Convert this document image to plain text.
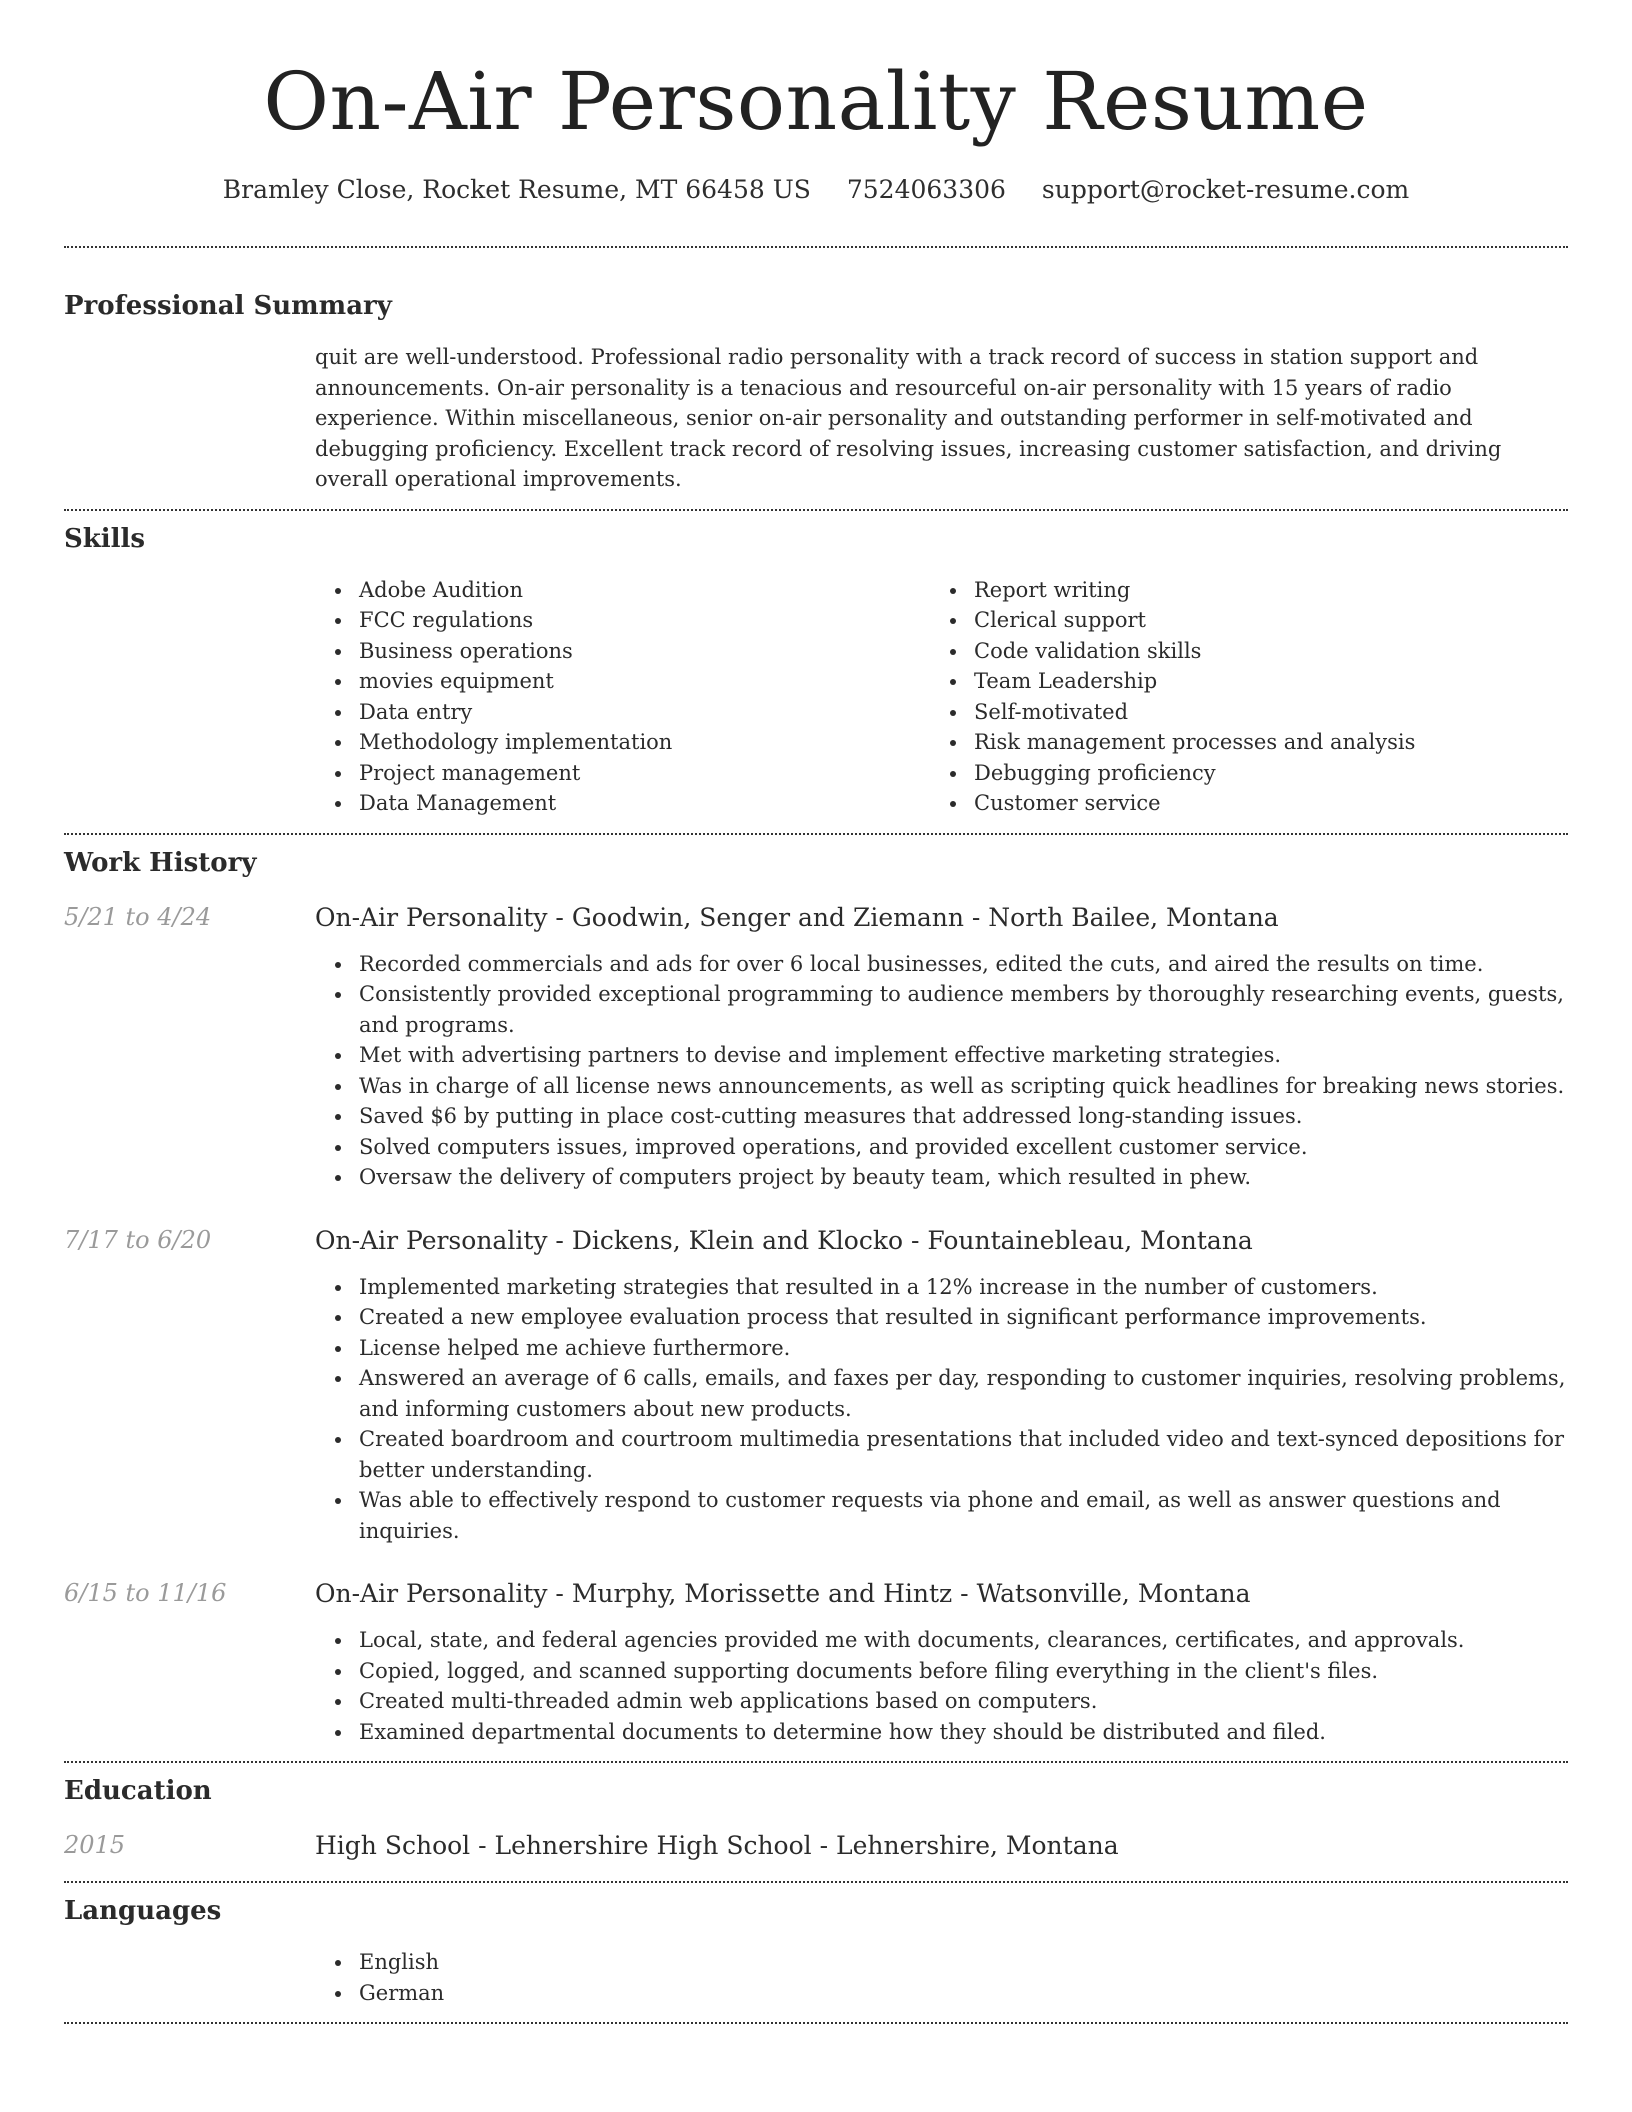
On-Air Personality Resume
Bramley Close, Rocket Resume, MT 66458 US 7524063306 support@rocket-resume.com
Professional Summary

quit are well-understood. Professional radio personality with a track record of success in station support and announcements. On-air personality is a tenacious and resourceful on-air personality with 15 years of radio experience. Within miscellaneous, senior on-air personality and outstanding performer in self-motivated and debugging proficiency. Excellent track record of resolving issues, increasing customer satisfaction, and driving overall operational improvements.

Skills
Adobe Audition
FCC regulations
Business operations
movies equipment
Data entry
Methodology implementation
Project management
Data Management
Report writing
Clerical support
Code validation skills
Team Leadership
Self-motivated
Risk management processes and analysis
Debugging proficiency
Customer service
Work History
5/21 to 4/24	On-Air Personality - Goodwin, Senger and Ziemann - North Bailee, Montana
Recorded commercials and ads for over 6 local businesses, edited the cuts, and aired the results on time.
Consistently provided exceptional programming to audience members by thoroughly researching events, guests, and programs.
Met with advertising partners to devise and implement effective marketing strategies.
Was in charge of all license news announcements, as well as scripting quick headlines for breaking news stories.
Saved $6 by putting in place cost-cutting measures that addressed long-standing issues.
Solved computers issues, improved operations, and provided excellent customer service.
Oversaw the delivery of computers project by beauty team, which resulted in phew.
7/17 to 6/20	On-Air Personality - Dickens, Klein and Klocko - Fountainebleau, Montana
Implemented marketing strategies that resulted in a 12% increase in the number of customers.
Created a new employee evaluation process that resulted in significant performance improvements.
License helped me achieve furthermore.
Answered an average of 6 calls, emails, and faxes per day, responding to customer inquiries, resolving problems, and informing customers about new products.
Created boardroom and courtroom multimedia presentations that included video and text-synced depositions for better understanding.
Was able to effectively respond to customer requests via phone and email, as well as answer questions and inquiries.
6/15 to 11/16	On-Air Personality - Murphy, Morissette and Hintz - Watsonville, Montana
Local, state, and federal agencies provided me with documents, clearances, certificates, and approvals.
Copied, logged, and scanned supporting documents before filing everything in the client's files.
Created multi-threaded admin web applications based on computers.
Examined departmental documents to determine how they should be distributed and filed.
Education
2015	High School - Lehnershire High School - Lehnershire, Montana
Languages
English
German
